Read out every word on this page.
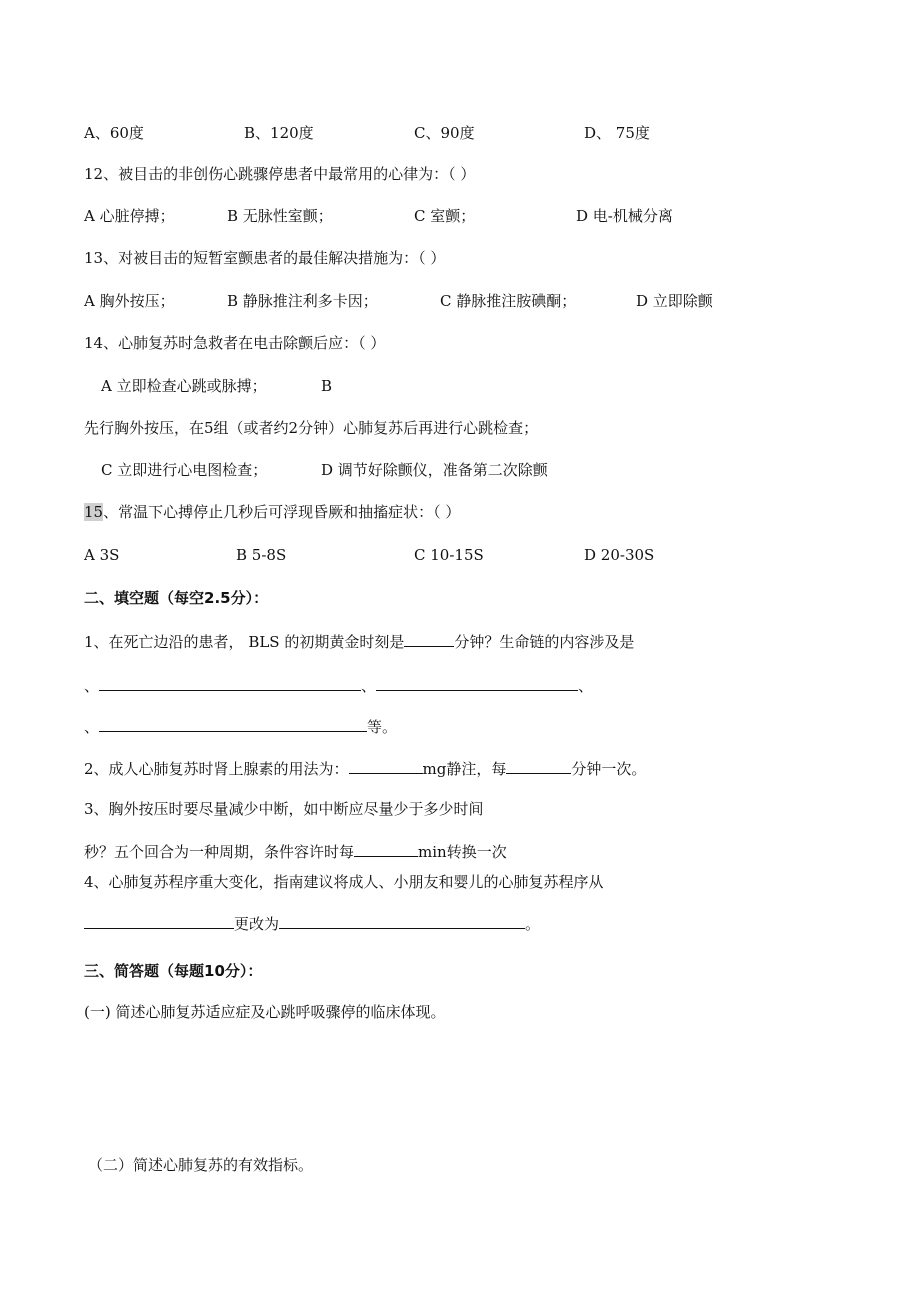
A、60度	B、120度	C、90度	D、 75度
12、被目击的非创伤心跳骤停患者中最常用的心律为：（ ）
A 心脏停搏；	B 无脉性室颤；	C 室颤；	D 电-机械分离
13、对被目击的短暂室颤患者的最佳解决措施为：（ ）
A 胸外按压；	B 静脉推注利多卡因；	C 静脉推注胺碘酮；	D 立即除颤
14、心肺复苏时急救者在电击除颤后应：（ ）
A 立即检查心跳或脉搏；	B
先行胸外按压，在5组（或者约2分钟）心肺复苏后再进行心跳检查；
C 立即进行心电图检查；	D 调节好除颤仪，准备第二次除颤
15、常温下心搏停止几秒后可浮现昏厥和抽搐症状：（ ）
A 3S	B 5-8S	C 10-15S	D 20-30S
二、填空题（每空2.5分）：
1、在死亡边沿的患者， BLS 的初期黄金时刻是	分钟？生命链的内容涉及是
、	、	、
、	等。
2、成人心肺复苏时肾上腺素的用法为：	mg静注，每	分钟一次。
3、胸外按压时要尽量减少中断，如中断应尽量少于多少时间
秒？五个回合为一种周期，条件容许时每	min转换一次
4、心肺复苏程序重大变化，指南建议将成人、小朋友和婴儿的心肺复苏程序从
更改为	。
三、简答题（每题10分）：
(一) 简述心肺复苏适应症及心跳呼吸骤停的临床体现。
（二）简述心肺复苏的有效指标。
